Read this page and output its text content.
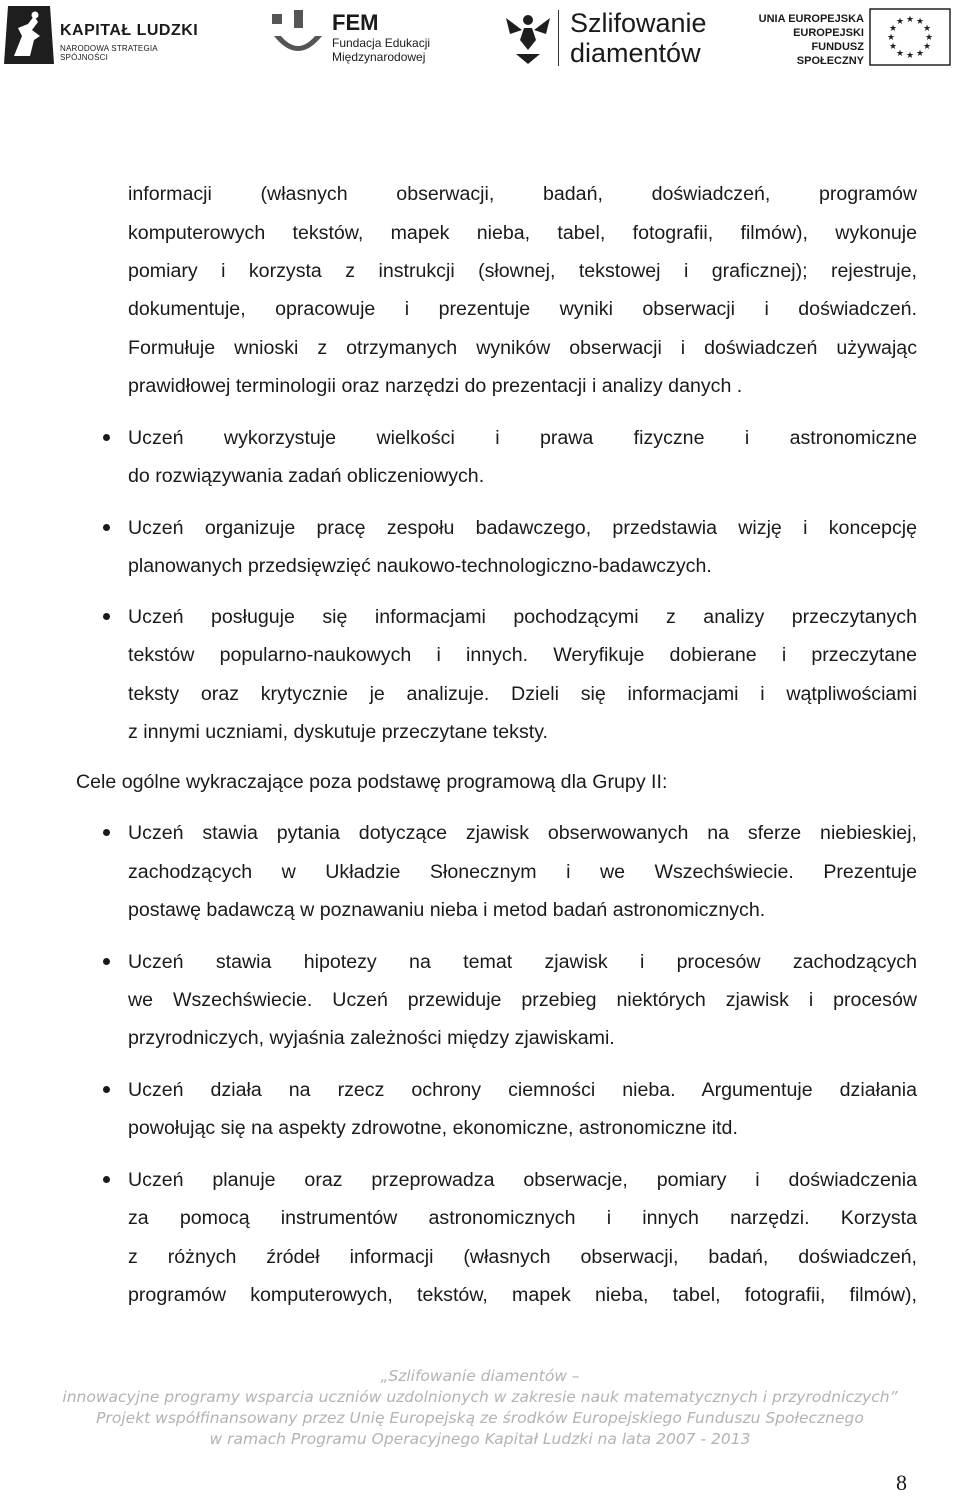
KAPITAŁ LUDZKI
NARODOWA STRATEGIA SPÓJNOŚCI
FEM
Fundacja Edukacji
Międzynarodowej
Szlifowanie
diamentów
UNIA EUROPEJSKA
EUROPEJSKI
FUNDUSZ SPOŁECZNY
★ ★
★
★
★
★
★
★
★
★
★
★
informacji (własnych obserwacji, badań, doświadczeń, programów
komputerowych tekstów, mapek nieba, tabel, fotografii, filmów), wykonuje
pomiary i korzysta z instrukcji (słownej, tekstowej i graficznej); rejestruje,
dokumentuje, opracowuje i prezentuje wyniki obserwacji i doświadczeń.
Formułuje wnioski z otrzymanych wyników obserwacji i doświadczeń używając
prawidłowej terminologii oraz narzędzi do prezentacji i analizy danych .
Uczeń wykorzystuje wielkości i prawa fizyczne i astronomiczne
do rozwiązywania zadań obliczeniowych.
Uczeń organizuje pracę zespołu badawczego, przedstawia wizję i koncepcję
planowanych przedsięwzięć naukowo-technologiczno-badawczych.
Uczeń posługuje się informacjami pochodzącymi z analizy przeczytanych
tekstów popularno-naukowych i innych. Weryfikuje dobierane i przeczytane
teksty oraz krytycznie je analizuje. Dzieli się informacjami i wątpliwościami
z innymi uczniami, dyskutuje przeczytane teksty.
Cele ogólne wykraczające poza podstawę programową dla Grupy II:
Uczeń stawia pytania dotyczące zjawisk obserwowanych na sferze niebieskiej,
zachodzących w Układzie Słonecznym i we Wszechświecie. Prezentuje
postawę badawczą w poznawaniu nieba i metod badań astronomicznych.
Uczeń stawia hipotezy na temat zjawisk i procesów zachodzących
we Wszechświecie. Uczeń przewiduje przebieg niektórych zjawisk i procesów
przyrodniczych, wyjaśnia zależności między zjawiskami.
Uczeń działa na rzecz ochrony ciemności nieba. Argumentuje działania
powołując się na aspekty zdrowotne, ekonomiczne, astronomiczne itd.
Uczeń planuje oraz przeprowadza obserwacje, pomiary i doświadczenia
za pomocą instrumentów astronomicznych i innych narzędzi. Korzysta
z różnych źródeł informacji (własnych obserwacji, badań, doświadczeń,
programów komputerowych, tekstów, mapek nieba, tabel, fotografii, filmów),
„Szlifowanie diamentów –
innowacyjne programy wsparcia uczniów uzdolnionych w zakresie nauk matematycznych i przyrodniczych”
Projekt współfinansowany przez Unię Europejską ze środków Europejskiego Funduszu Społecznego
w ramach Programu Operacyjnego Kapitał Ludzki na lata 2007 - 2013
8
